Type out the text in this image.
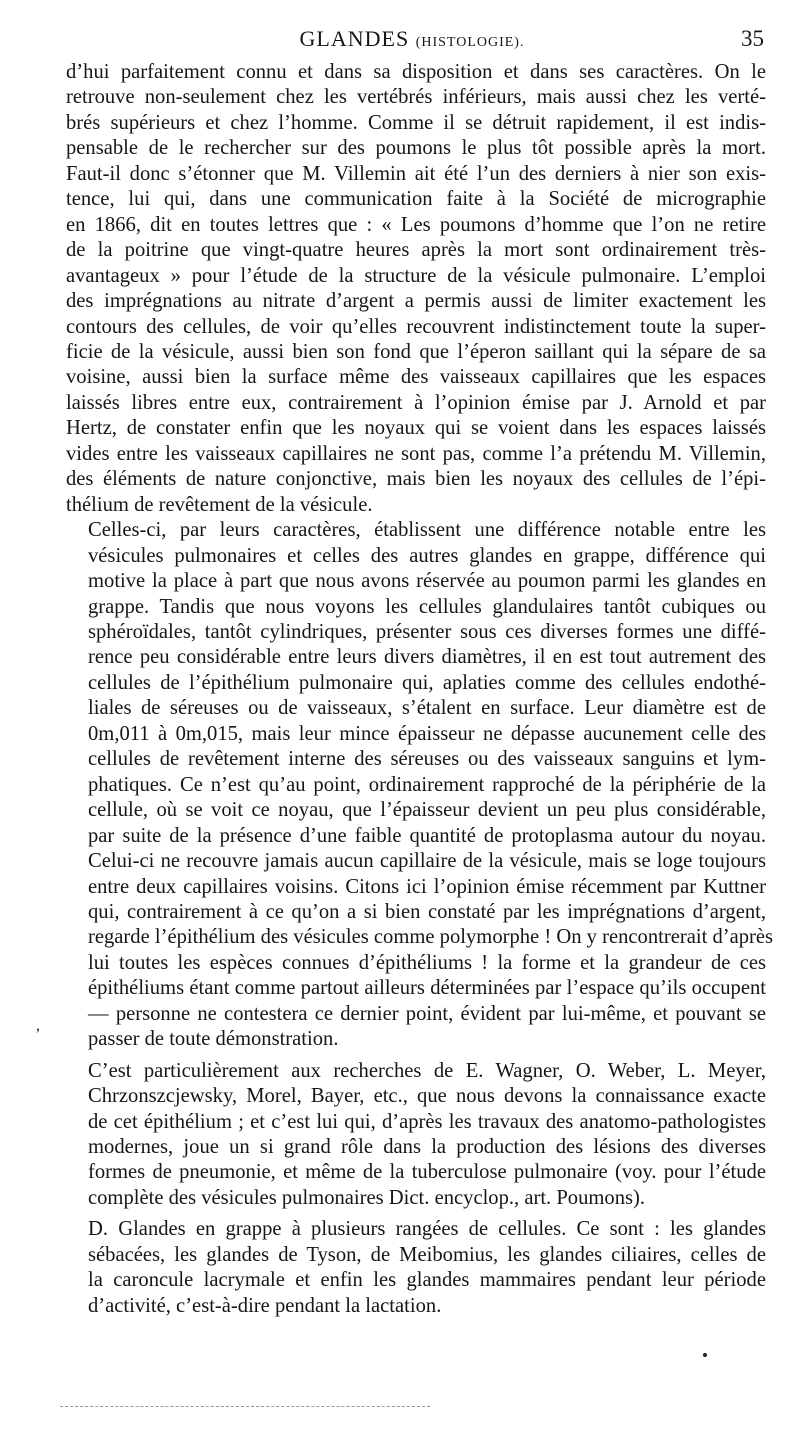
GLANDES (HISTOLOGIE).	35

d’hui parfaitement connu et dans sa disposition et dans ses caractères. On le
retrouve non-seulement chez les vertébrés inférieurs, mais aussi chez les verté-
brés supérieurs et chez l’homme. Comme il se détruit rapidement, il est indis-
pensable de le rechercher sur des poumons le plus tôt possible après la mort.
Faut-il donc s’étonner que M. Villemin ait été l’un des derniers à nier son exis-
tence, lui qui, dans une communication faite à la Société de micrographie
en 1866, dit en toutes lettres que : « Les poumons d’homme que l’on ne retire
de la poitrine que vingt-quatre heures après la mort sont ordinairement très-
avantageux » pour l’étude de la structure de la vésicule pulmonaire. L’emploi
des imprégnations au nitrate d’argent a permis aussi de limiter exactement les
contours des cellules, de voir qu’elles recouvrent indistinctement toute la super-
ficie de la vésicule, aussi bien son fond que l’éperon saillant qui la sépare de sa
voisine, aussi bien la surface même des vaisseaux capillaires que les espaces
laissés libres entre eux, contrairement à l’opinion émise par J. Arnold et par
Hertz, de constater enfin que les noyaux qui se voient dans les espaces laissés
vides entre les vaisseaux capillaires ne sont pas, comme l’a prétendu M. Villemin,
des éléments de nature conjonctive, mais bien les noyaux des cellules de l’épi-
thélium de revêtement de la vésicule.

Celles-ci, par leurs caractères, établissent une différence notable entre les
vésicules pulmonaires et celles des autres glandes en grappe, différence qui
motive la place à part que nous avons réservée au poumon parmi les glandes en
grappe. Tandis que nous voyons les cellules glandulaires tantôt cubiques ou
sphéroïdales, tantôt cylindriques, présenter sous ces diverses formes une diffé-
rence peu considérable entre leurs divers diamètres, il en est tout autrement des
cellules de l’épithélium pulmonaire qui, aplaties comme des cellules endothé-
liales de séreuses ou de vaisseaux, s’étalent en surface. Leur diamètre est de
0m,011 à 0m,015, mais leur mince épaisseur ne dépasse aucunement celle des
cellules de revêtement interne des séreuses ou des vaisseaux sanguins et lym-
phatiques. Ce n’est qu’au point, ordinairement rapproché de la périphérie de la
cellule, où se voit ce noyau, que l’épaisseur devient un peu plus considérable,
par suite de la présence d’une faible quantité de protoplasma autour du noyau.
Celui-ci ne recouvre jamais aucun capillaire de la vésicule, mais se loge toujours
entre deux capillaires voisins. Citons ici l’opinion émise récemment par Kuttner
qui, contrairement à ce qu’on a si bien constaté par les imprégnations d’argent,
regarde l’épithélium des vésicules comme polymorphe ! On y rencontrerait d’après
lui toutes les espèces connues d’épithéliums ! la forme et la grandeur de ces
épithéliums étant comme partout ailleurs déterminées par l’espace qu’ils occupent
— personne ne contestera ce dernier point, évident par lui-même, et pouvant se
passer de toute démonstration.

C’est particulièrement aux recherches de E. Wagner, O. Weber, L. Meyer,
Chrzonszcjewsky, Morel, Bayer, etc., que nous devons la connaissance exacte
de cet épithélium ; et c’est lui qui, d’après les travaux des anatomo-pathologistes
modernes, joue un si grand rôle dans la production des lésions des diverses
formes de pneumonie, et même de la tuberculose pulmonaire (voy. pour l’étude
complète des vésicules pulmonaires Dict. encyclop., art. Poumons).

D. Glandes en grappe à plusieurs rangées de cellules. Ce sont : les glandes
sébacées, les glandes de Tyson, de Meibomius, les glandes ciliaires, celles de
la caroncule lacrymale et enfin les glandes mammaires pendant leur période
d’activité, c’est-à-dire pendant la lactation.

,
